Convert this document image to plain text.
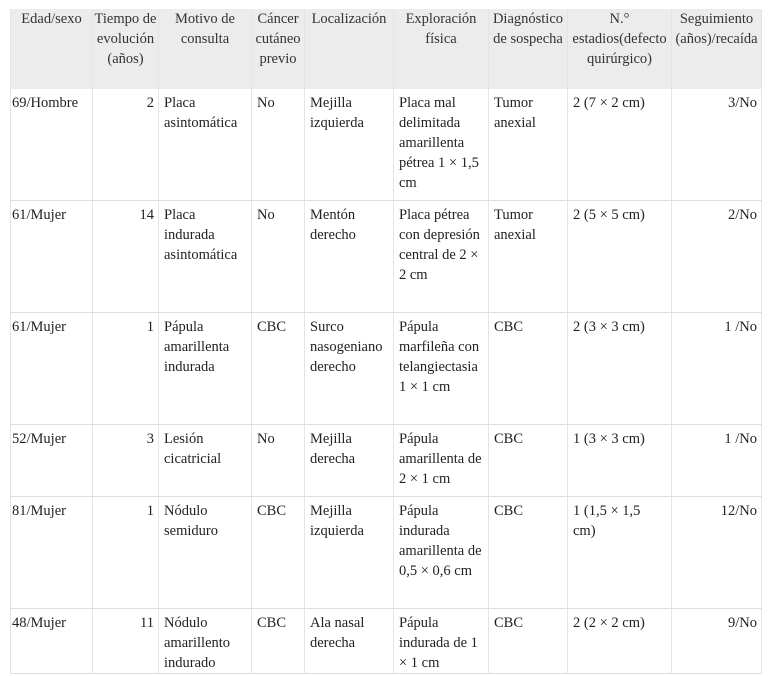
Edad/sexo	Tiempo de evolución (años)	Motivo de consulta	Cáncer cutáneo previo	Localización	Exploración física	Diagnóstico de sospecha	N.° estadios(defecto quirúrgico)	Seguimiento (años)/recaída
69/Hombre	2	Placa asintomática	No	Mejilla izquierda	Placa mal delimitada amarillenta pétrea 1 × 1,5 cm	Tumor anexial	2 (7 × 2 cm)	3/No
61/Mujer	14	Placa indurada asintomática	No	Mentón derecho	Placa pétrea con depresión central de 2 × 2 cm	Tumor anexial	2 (5 × 5 cm)	2/No
61/Mujer	1	Pápula amarillenta indurada	CBC	Surco nasogeniano derecho	Pápula marfileña con telangiectasia 1 × 1 cm	CBC	2 (3 × 3 cm)	1 /No
52/Mujer	3	Lesión cicatricial	No	Mejilla derecha	Pápula amarillenta de 2 × 1 cm	CBC	1 (3 × 3 cm)	1 /No
81/Mujer	1	Nódulo semiduro	CBC	Mejilla izquierda	Pápula indurada amarillenta de 0,5 × 0,6 cm	CBC	1 (1,5 × 1,5 cm)	12/No
48/Mujer	11	Nódulo amarillento indurado	CBC	Ala nasal derecha	Pápula indurada de 1 × 1 cm	CBC	2 (2 × 2 cm)	9/No
